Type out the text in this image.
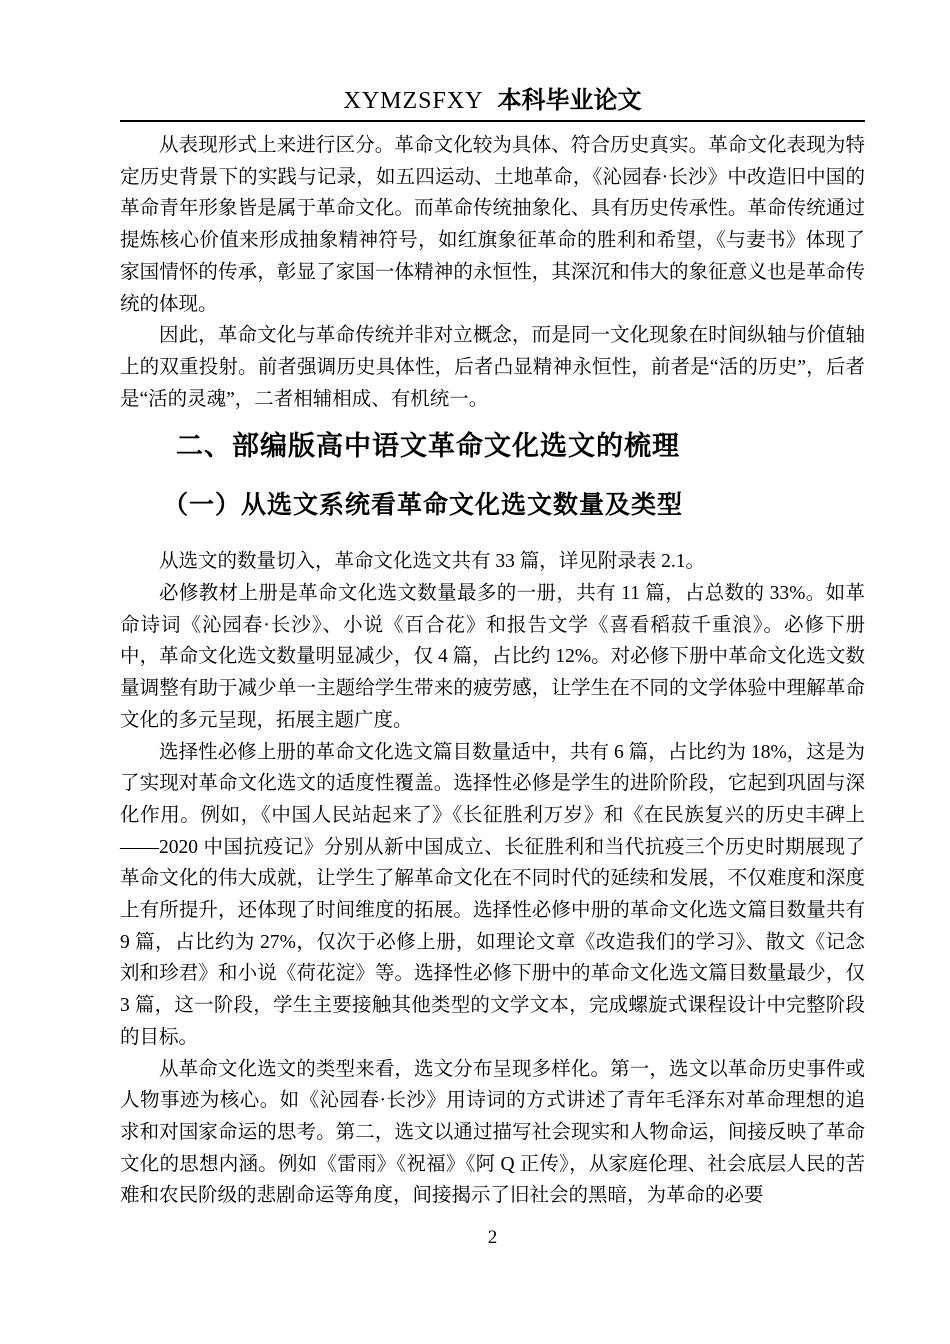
XYMZSFXY 本科毕业论文

从表现形式上来进行区分。革命文化较为具体、符合历史真实。革命文化表现为特定历史背景下的实践与记录，如五四运动、土地革命，《沁园春·长沙》中改造旧中国的革命青年形象皆是属于革命文化。而革命传统抽象化、具有历史传承性。革命传统通过提炼核心价值来形成抽象精神符号，如红旗象征革命的胜利和希望，《与妻书》体现了家国情怀的传承，彰显了家国一体精神的永恒性，其深沉和伟大的象征意义也是革命传统的体现。

因此，革命文化与革命传统并非对立概念，而是同一文化现象在时间纵轴与价值轴上的双重投射。前者强调历史具体性，后者凸显精神永恒性，前者是“活的历史”，后者是“活的灵魂”，二者相辅相成、有机统一。

二、部编版高中语文革命文化选文的梳理
（一）从选文系统看革命文化选文数量及类型

从选文的数量切入，革命文化选文共有 33 篇，详见附录表 2.1。

必修教材上册是革命文化选文数量最多的一册，共有 11 篇，占总数的 33%。如革命诗词《沁园春·长沙》、小说《百合花》和报告文学《喜看稻菽千重浪》。必修下册中，革命文化选文数量明显减少，仅 4 篇，占比约 12%。对必修下册中革命文化选文数量调整有助于减少单一主题给学生带来的疲劳感，让学生在不同的文学体验中理解革命文化的多元呈现，拓展主题广度。

选择性必修上册的革命文化选文篇目数量适中，共有 6 篇，占比约为 18%，这是为了实现对革命文化选文的适度性覆盖。选择性必修是学生的进阶阶段，它起到巩固与深化作用。例如，《中国人民站起来了》《长征胜利万岁》和《在民族复兴的历史丰碑上——2020 中国抗疫记》分别从新中国成立、长征胜利和当代抗疫三个历史时期展现了革命文化的伟大成就，让学生了解革命文化在不同时代的延续和发展，不仅难度和深度上有所提升，还体现了时间维度的拓展。选择性必修中册的革命文化选文篇目数量共有 9 篇，占比约为 27%，仅次于必修上册，如理论文章《改造我们的学习》、散文《记念刘和珍君》和小说《荷花淀》等。选择性必修下册中的革命文化选文篇目数量最少，仅 3 篇，这一阶段，学生主要接触其他类型的文学文本，完成螺旋式课程设计中完整阶段的目标。

从革命文化选文的类型来看，选文分布呈现多样化。第一，选文以革命历史事件或人物事迹为核心。如《沁园春·长沙》用诗词的方式讲述了青年毛泽东对革命理想的追求和对国家命运的思考。第二，选文以通过描写社会现实和人物命运，间接反映了革命文化的思想内涵。例如《雷雨》《祝福》《阿 Q 正传》，从家庭伦理、社会底层人民的苦难和农民阶级的悲剧命运等角度，间接揭示了旧社会的黑暗，为革命的必要

2
